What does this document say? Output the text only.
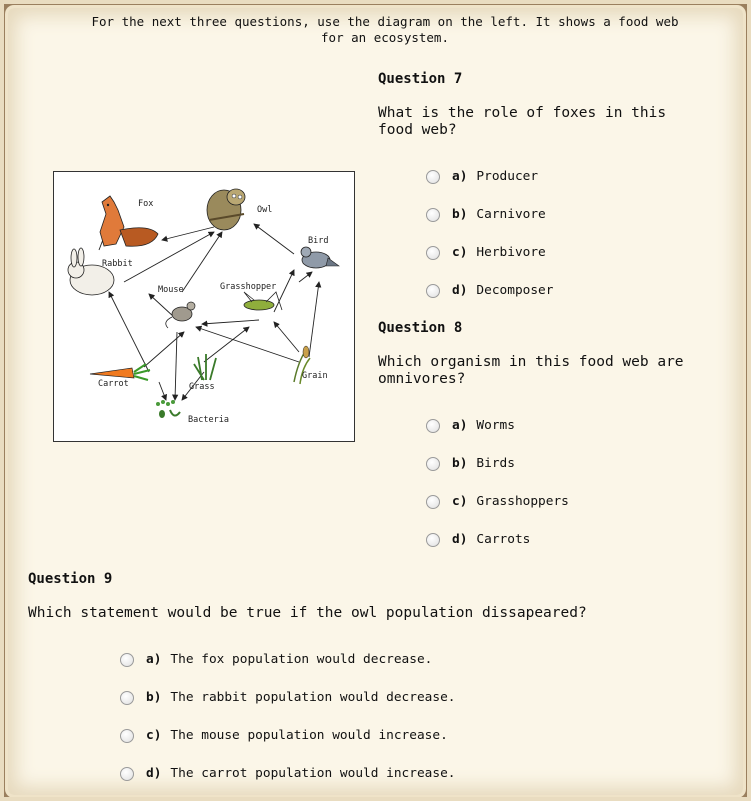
For the next three questions, use the diagram on the left. It shows a food web for an ecosystem.
Fox
Owl
Bird
Rabbit
Mouse	Grasshopper
Grain
Carrot	Grass
Bacteria
Question 7
What is the role of foxes in this food web?
a) Producer
b) Carnivore
c) Herbivore
d) Decomposer
Question 8
Which organism in this food web are omnivores?
a) Worms
b) Birds
c) Grasshoppers
d) Carrots
Question 9
Which statement would be true if the owl population dissapeared?
a) The fox population would decrease.
b) The rabbit population would decrease.
c) The mouse population would increase.
d) The carrot population would increase.
